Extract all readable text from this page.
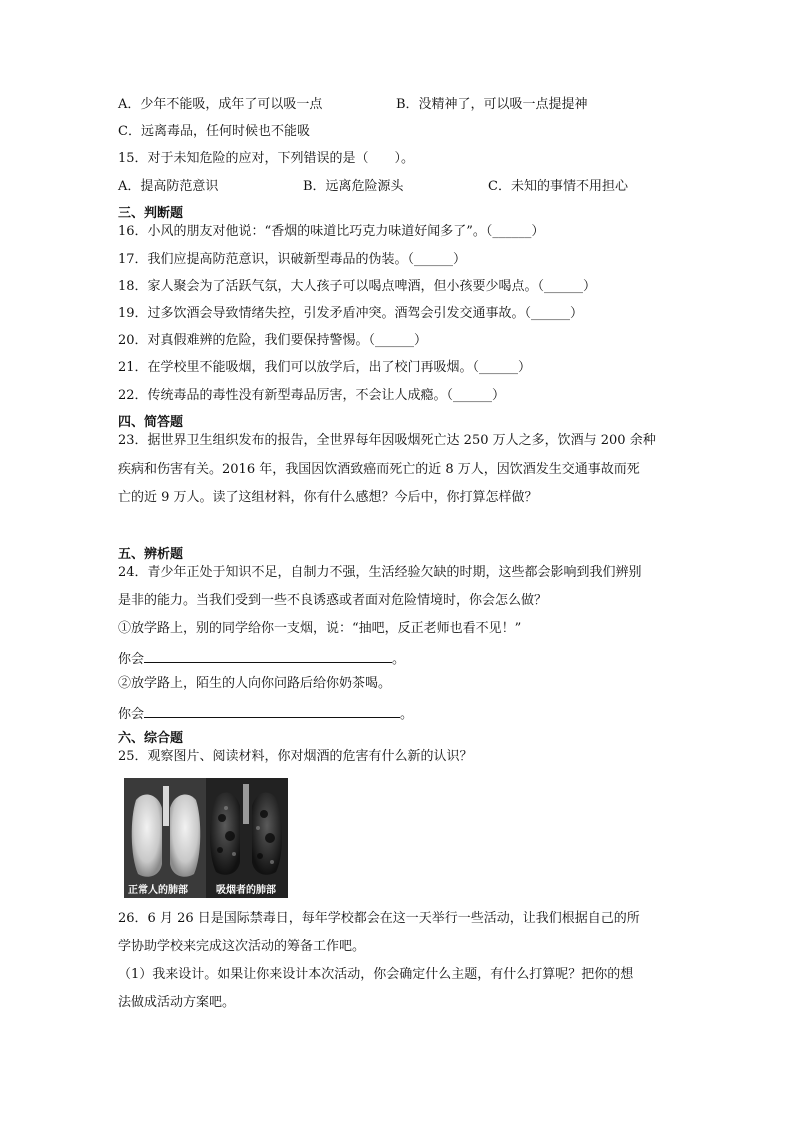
A．少年不能吸，成年了可以吸一点	B．没精神了，可以吸一点提提神
C．远离毒品，任何时候也不能吸
15．对于未知危险的应对，下列错误的是（　　）。
A．提高防范意识	B．远离危险源头	C．未知的事情不用担心
三、判断题
16．小风的朋友对他说：“香烟的味道比巧克力味道好闻多了”。（______）
17．我们应提高防范意识，识破新型毒品的伪装。（______）
18．家人聚会为了活跃气氛，大人孩子可以喝点啤酒，但小孩要少喝点。（______）
19．过多饮酒会导致情绪失控，引发矛盾冲突。酒驾会引发交通事故。（______）
20．对真假难辨的危险，我们要保持警惕。（______）
21．在学校里不能吸烟，我们可以放学后，出了校门再吸烟。（______）
22．传统毒品的毒性没有新型毒品厉害，不会让人成瘾。（______）
四、简答题
23．据世界卫生组织发布的报告，全世界每年因吸烟死亡达 250 万人之多，饮酒与 200 余种
疾病和伤害有关。2016 年，我国因饮酒致癌而死亡的近 8 万人，因饮酒发生交通事故而死
亡的近 9 万人。读了这组材料，你有什么感想？今后中，你打算怎样做？
五、辨析题
24．青少年正处于知识不足，自制力不强，生活经验欠缺的时期，这些都会影响到我们辨别
是非的能力。当我们受到一些不良诱惑或者面对危险情境时，你会怎么做？
①放学路上，别的同学给你一支烟，说：“抽吧，反正老师也看不见！”
你会	。
②放学路上，陌生的人向你问路后给你奶茶喝。
你会	。
六、综合题
25．观察图片、阅读材料，你对烟酒的危害有什么新的认识？
正常人的肺部	吸烟者的肺部
26．6 月 26 日是国际禁毒日，每年学校都会在这一天举行一些活动，让我们根据自己的所
学协助学校来完成这次活动的筹备工作吧。
（1）我来设计。如果让你来设计本次活动，你会确定什么主题，有什么打算呢？把你的想
法做成活动方案吧。
